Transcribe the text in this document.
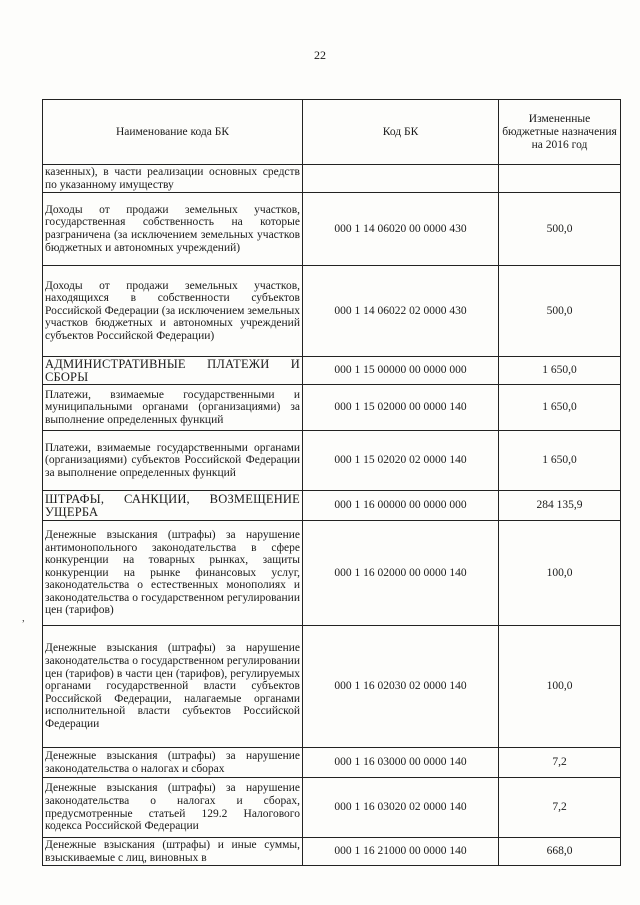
22
,
Наименование кода БК	Код БК	Измененные бюджетные назначения на 2016 год
казенных), в части реализации основных средств по указанному имуществу		
Доходы от продажи земельных участков, государственная собственность на которые разграничена (за исключением земельных участков бюджетных и автономных учреждений)	000 1 14 06020 00 0000 430	500,0
Доходы от продажи земельных участков, находящихся в собственности субъектов Российской Федерации (за исключением земельных участков бюджетных и автономных учреждений субъектов Российской Федерации)	000 1 14 06022 02 0000 430	500,0
АДМИНИСТРАТИВНЫЕ ПЛАТЕЖИ И СБОРЫ	000 1 15 00000 00 0000 000	1 650,0
Платежи, взимаемые государственными и муниципальными органами (организациями) за выполнение определенных функций	000 1 15 02000 00 0000 140	1 650,0
Платежи, взимаемые государственными органами (организациями) субъектов Российской Федерации за выполнение определенных функций	000 1 15 02020 02 0000 140	1 650,0
ШТРАФЫ, САНКЦИИ, ВОЗМЕЩЕНИЕ УЩЕРБА	000 1 16 00000 00 0000 000	284 135,9
Денежные взыскания (штрафы) за нарушение антимонопольного законодательства в сфере конкуренции на товарных рынках, защиты конкуренции на рынке финансовых услуг, законодательства о естественных монополиях и законодательства о государственном регулировании цен (тарифов)	000 1 16 02000 00 0000 140	100,0
Денежные взыскания (штрафы) за нарушение законодательства о государственном регулировании цен (тарифов) в части цен (тарифов), регулируемых органами государственной власти субъектов Российской Федерации, налагаемые органами исполнительной власти субъектов Российской Федерации	000 1 16 02030 02 0000 140	100,0
Денежные взыскания (штрафы) за нарушение законодательства о налогах и сборах	000 1 16 03000 00 0000 140	7,2
Денежные взыскания (штрафы) за нарушение законодательства о налогах и сборах, предусмотренные статьей 129.2 Налогового кодекса Российской Федерации	000 1 16 03020 02 0000 140	7,2
Денежные взыскания (штрафы) и иные суммы, взыскиваемые с лиц, виновных в	000 1 16 21000 00 0000 140	668,0
